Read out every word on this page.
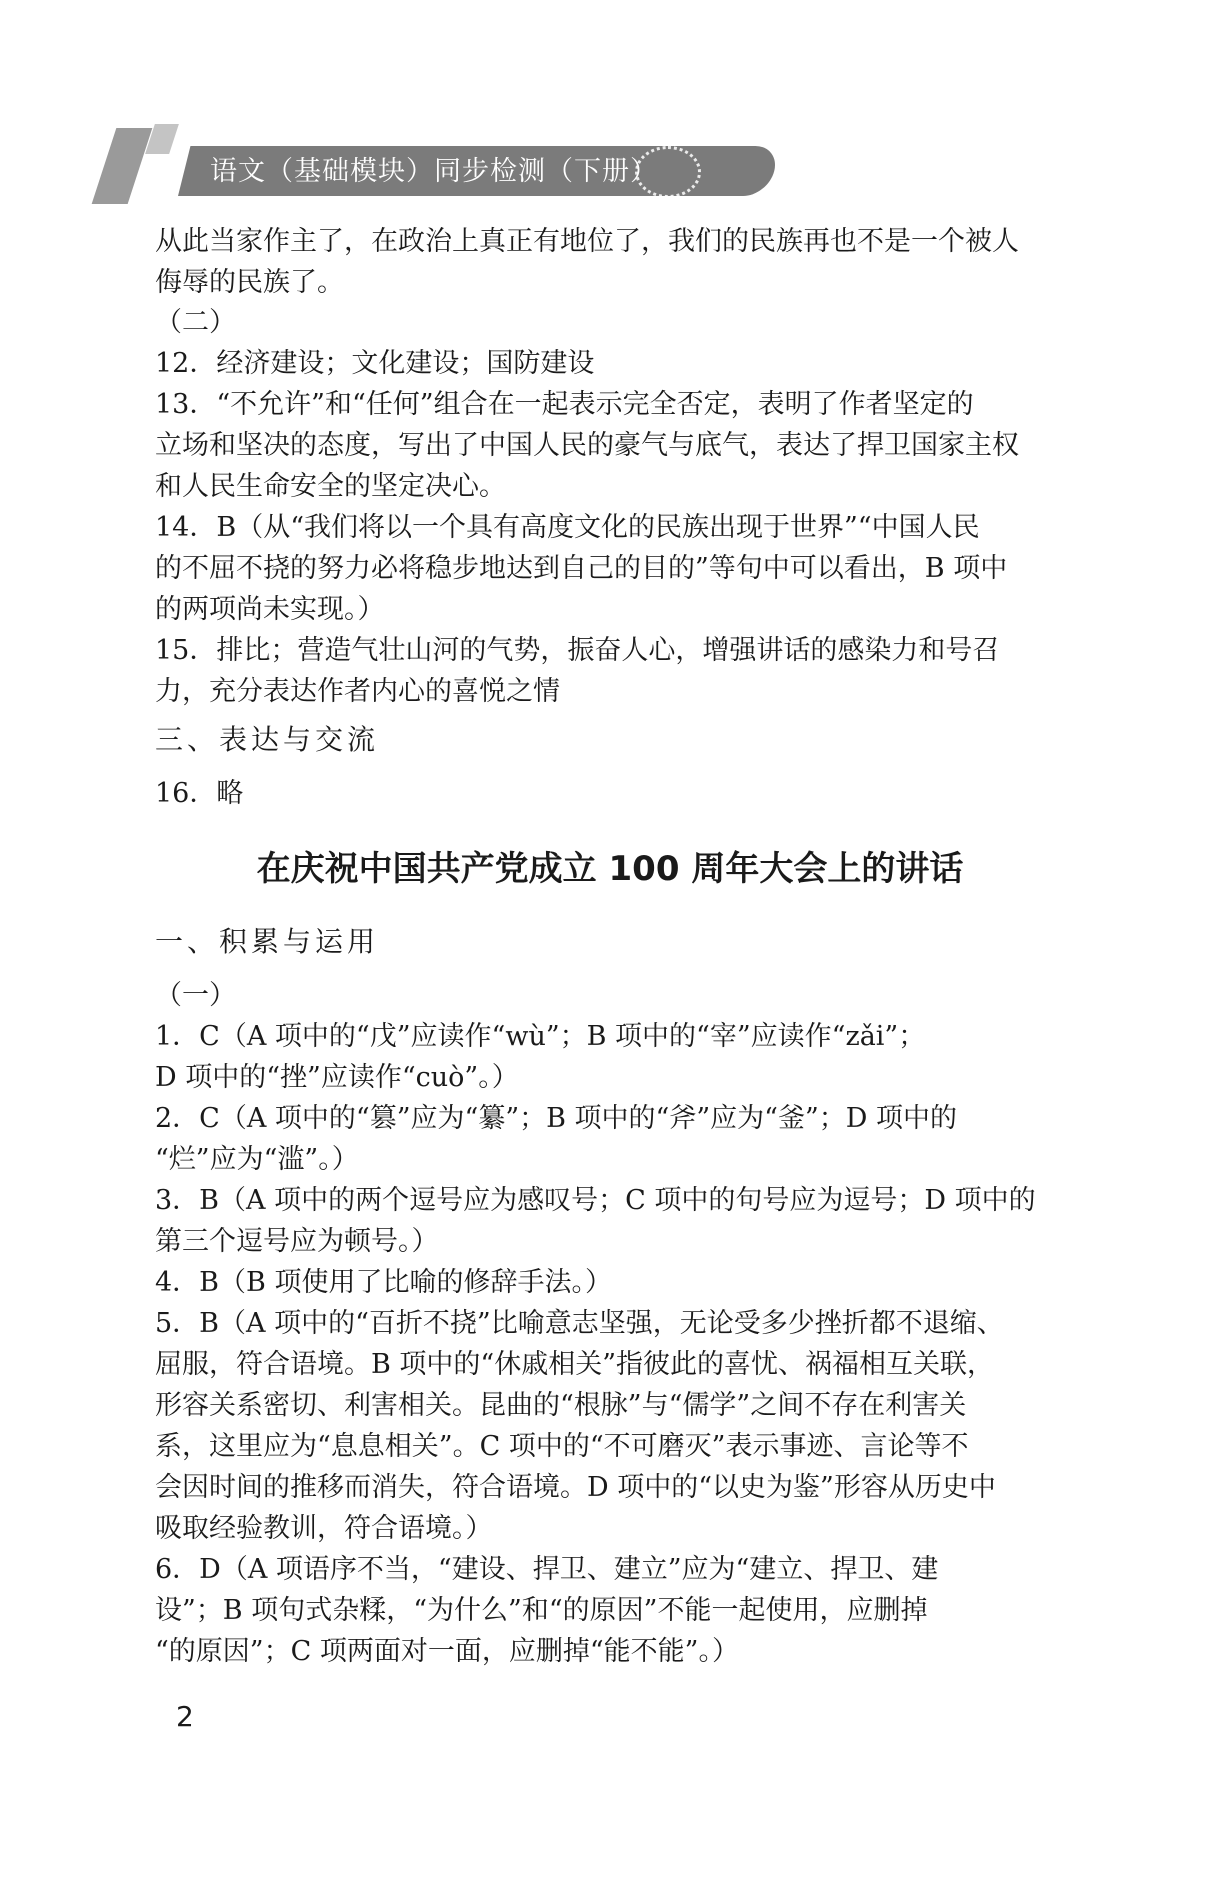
语文（基础模块）同步检测（下册）
从此当家作主了，在政治上真正有地位了，我们的民族再也不是一个被人
侮辱的民族了。
（二）
12．经济建设；文化建设；国防建设
13．“不允许”和“任何”组合在一起表示完全否定，表明了作者坚定的
立场和坚决的态度，写出了中国人民的豪气与底气，表达了捍卫国家主权
和人民生命安全的坚定决心。
14．B（从“我们将以一个具有高度文化的民族出现于世界”“中国人民
的不屈不挠的努力必将稳步地达到自己的目的”等句中可以看出，B 项中
的两项尚未实现。）
15．排比；营造气壮山河的气势，振奋人心，增强讲话的感染力和号召
力，充分表达作者内心的喜悦之情
三、表达与交流
16．略
在庆祝中国共产党成立 100 周年大会上的讲话
一、积累与运用
（一）
1．C（A 项中的“戊”应读作“wù”；B 项中的“宰”应读作“zǎi”；
D 项中的“挫”应读作“cuò”。）
2．C（A 项中的“篡”应为“纂”；B 项中的“斧”应为“釜”；D 项中的
“烂”应为“滥”。）
3．B（A 项中的两个逗号应为感叹号；C 项中的句号应为逗号；D 项中的
第三个逗号应为顿号。）
4．B（B 项使用了比喻的修辞手法。）
5．B（A 项中的“百折不挠”比喻意志坚强，无论受多少挫折都不退缩、
屈服，符合语境。B 项中的“休戚相关”指彼此的喜忧、祸福相互关联，
形容关系密切、利害相关。昆曲的“根脉”与“儒学”之间不存在利害关
系，这里应为“息息相关”。C 项中的“不可磨灭”表示事迹、言论等不
会因时间的推移而消失，符合语境。D 项中的“以史为鉴”形容从历史中
吸取经验教训，符合语境。）
6．D（A 项语序不当，“建设、捍卫、建立”应为“建立、捍卫、建
设”；B 项句式杂糅，“为什么”和“的原因”不能一起使用，应删掉
“的原因”；C 项两面对一面，应删掉“能不能”。）
2
